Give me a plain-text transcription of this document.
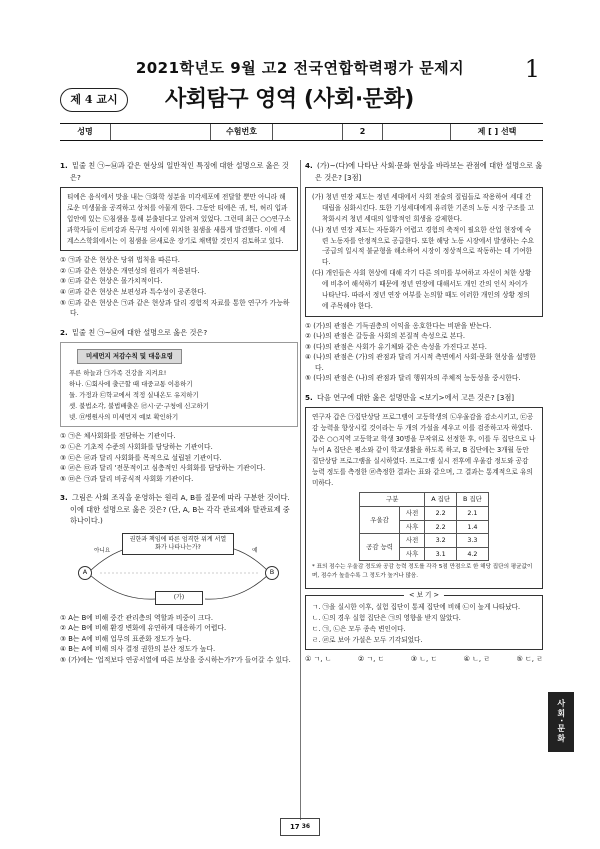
2021학년도 9월 고2 전국연합학력평가 문제지	1
제 4 교시	사회탐구 영역 (사회·문화)
성명	수험번호	2	제 [ ] 선택
1. 밑줄 친 ㉠~㉥과 같은 현상의 일반적인 특징에 대한 설명으로 옳은 것은?
티에은 음식에서 맛을 내는 ㉠화학 성분을 미각세포에 전달할 뿐만 아니라 해로운 미생물을 공격하고 상처를 아물게 한다. 그동안 티에은 귀, 턱, 허리 입과 입안에 있는 ㉡침샘을 통해 분출된다고 알려져 있었다. 그런데 최근 ○○연구소 과학자들이 ㉢비강과 목구멍 사이에 위치한 침샘을 새롭게 발견했다. 이에 세계스스학회에서는 이 침샘을 ㉣새로운 장기로 채택할 것인지 검토하고 있다.
① ㉠과 같은 현상은 당위 법칙을 따른다.
② ㉡과 같은 현상은 개연성의 원리가 적용된다.
③ ㉢과 같은 현상은 몰가치적이다.
④ ㉣과 같은 현상은 보편성과 특수성이 공존한다.
⑤ ㉢과 같은 현상은 ㉠과 같은 현상과 달리 경험적 자료를 통한 연구가 가능하다.
2. 밑줄 친 ㉠~㉥에 대한 설명으로 옳은 것은?
미세먼지 저감수칙 및 대응요령
푸른 하늘과 ㉠가족 건강을 지켜요!
하나. ㉡회사에 출근할 때 대중교통 이용하기
둘. 가정과 ㉢학교에서 적정 실내온도 유지하기
셋. 불법소각, 불법배출은 ㉣시·군·구청에 신고하기
넷. ㉤병원사의 미세먼지 예보 확인하기
① ㉠은 체사회화를 전담하는 기관이다.
② ㉡은 기초적 수준의 사회화를 담당하는 기관이다.
③ ㉢은 ㉣과 달리 사회화를 목적으로 설립된 기관이다.
④ ㉣은 ㉤과 달리 '전문적이고 심층적인 사회화를 담당하는 기관이다.
⑤ ㉤은 ㉠과 달리 비공식적 사회화 기관이다.
3. 그림은 사회 조직을 운영하는 원리 A, B를 질문에 따라 구분한 것이다. 이에 대한 설명으로 옳은 것은? (단, A, B는 각각 관료제와 탈관료제 중 하나이다.)
A	B
권한과 책임에 따른 엄격한 위계 서열화가 나타나는가?
아니요	예
(가)
① A는 B에 비해 중간 관리층의 역할과 비중이 크다.
② A는 B에 비해 환경 변화에 유연하게 대응하기 어렵다.
③ B는 A에 비해 업무의 표준화 정도가 높다.
④ B는 A에 비해 의사 결정 권한의 분산 정도가 높다.
⑤ (가)에는 '업적보다 연공서열에 따른 보상을 중시하는가?'가 들어갈 수 있다.
4. (가)~(다)에 나타난 사회·문화 현상을 바라보는 관점에 대한 설명으로 옳은 것은? [3점]
(가) 청년 연장 제도는 정년 세대에서 사회 전술의 질립들로 작용하여 세대 간 대립을 심화시킨다. 또한 기성세대에게 유리한 기존의 노동 시장 구조를 고착화시켜 청년 세대의 일방적인 희생을 강제한다.
(나) 정년 연장 제도는 자동화가 어렵고 경험의 축적이 필요한 산업 현장에 숙련 노동자를 안정적으로 공급한다. 또한 해당 노동 시장에서 발생하는 수요·공급의 일시적 불균형을 해소하여 시장이 정상적으로 작동하는 데 기여한다.
(다) 개인들은 사회 현상에 대해 각기 다른 의미를 부여하고 자신이 처한 상황에 비추어 해석하기 때문에 정년 연장에 대해서도 개인 간의 인식 차이가 나타난다. 따라서 정년 연장 여부를 논의할 때도 이러한 개인의 상황 정의에 주목해야 한다.
① (가)의 관점은 기득권층의 이익을 옹호한다는 비판을 받는다.
② (나)의 관점은 갈등을 사회의 본질적 속성으로 본다.
③ (다)의 관점은 사회가 유기체와 같은 속성을 가진다고 본다.
④ (나)의 관점은 (가)의 관점과 달리 거시적 측면에서 사회·문화 현상을 설명한다.
⑤ (다)의 관점은 (나)의 관점과 달리 행위자의 주체적 능동성을 중시한다.
5. 다음 연구에 대한 옳은 설명만을 <보기>에서 고른 것은? [3점]
연구자 갑은 ㉠집단상담 프로그램이 고등학생의 ㉡우울감을 감소시키고, ㉢공감 능력을 향상시킬 것이라는 두 개의 가설을 세우고 이를 검증하고자 하였다. 갑은 ○○지역 고등학교 학생 30명을 무작위로 선정한 후, 이를 두 집단으로 나누어 A 집단은 평소와 같이 학교생활을 하도록 하고, B 집단에는 3개월 동안 집단상담 프로그램을 실시하였다. 프로그램 실시 전후에 우울감 정도와 공감 능력 정도를 측정한 ㉣측정한 결과는 표와 같으며, 그 결과는 통계적으로 유의미하다.
구분		A 집단	B 집단
우울감	사전	2.2	2.1
	사후	2.2	1.4
공감 능력	사전	3.2	3.3
	사후	3.1	4.2
* 표의 점수는 우울감 정도와 공감 능력 정도를 각각 5점 만점으로 한 해당 집단의 평균값이며, 점수가 높을수록 그 정도가 높거나 많음.
< 보 기 >
ㄱ. ㉠을 실시한 이후, 실험 집단이 통제 집단에 비해 ㉡이 높게 나타났다.
ㄴ. ㉡의 경우 실험 집단은 ㉠의 영향을 받지 않았다.
ㄷ. ㉠, ㉡은 모두 종속 변인이다.
ㄹ. ㉣로 보아 가설은 모두 기각되었다.
① ㄱ, ㄴ	② ㄱ, ㄷ	③ ㄴ, ㄷ	④ ㄴ, ㄹ	⑤ ㄷ, ㄹ
사회·문화
17 36
